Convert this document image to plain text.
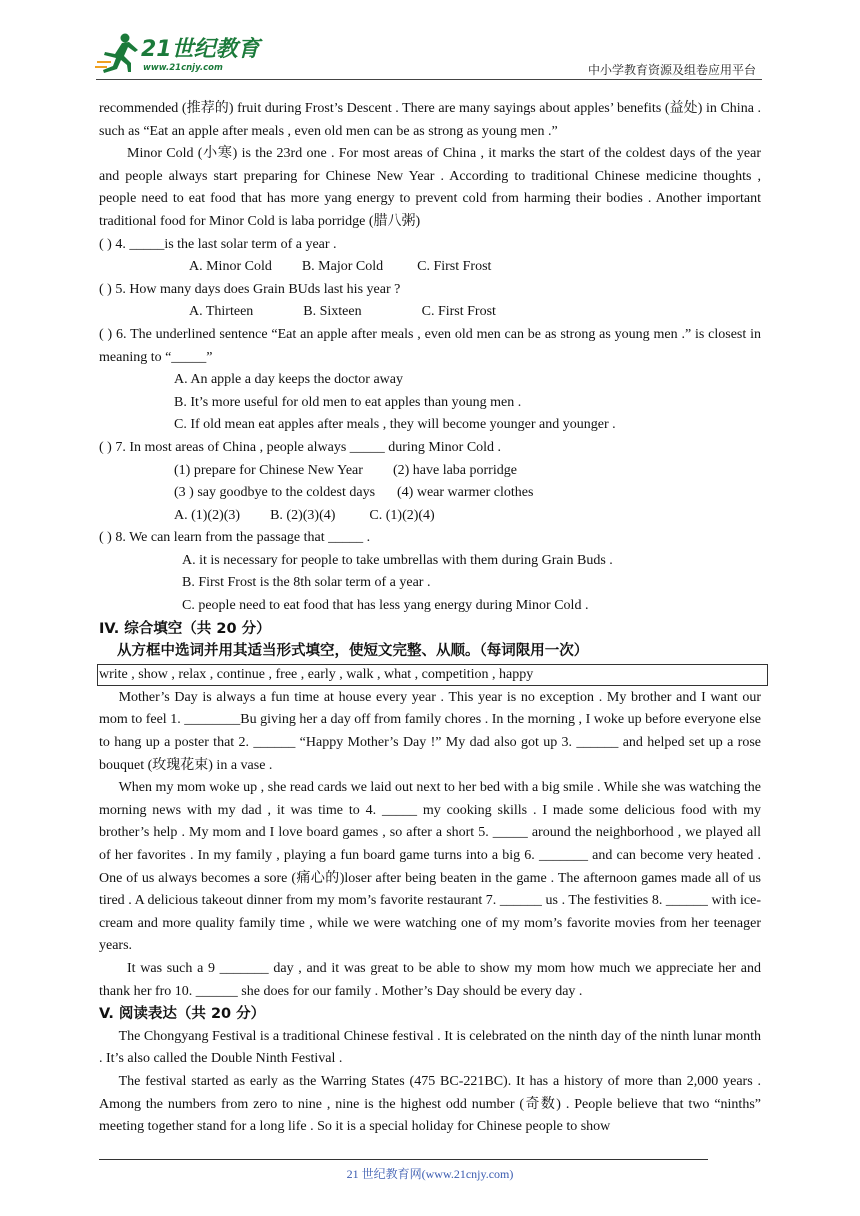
21世纪教育
www.21cnjy.com	中小学教育资源及组卷应用平台

recommended (推荐的) fruit during Frost’s Descent . There are many sayings about apples’ benefits (益处) in China . such as “Eat an apple after meals , even old men can be as strong as young men .”

Minor Cold (小寒) is the 23rd one . For most areas of China , it marks the start of the coldest days of the year and people always start preparing for Chinese New Year . According to traditional Chinese medicine thoughts , people need to eat food that has more yang energy to prevent cold from harming their bodies . Another important traditional food for Minor Cold is laba porridge (腊八粥)

( ) 4. _____is the last solar term of a year .

A. Minor Cold B. Major Cold C. First Frost

( ) 5. How many days does Grain BUds last his year ?

A. Thirteen	B. Sixteen	C. First Frost

( ) 6. The underlined sentence “Eat an apple after meals , even old men can be as strong as young men .” is closest in meaning to “_____”

A. An apple a day keeps the doctor away

B. It’s more useful for old men to eat apples than young men .

C. If old mean eat apples after meals , they will become younger and younger .

( ) 7. In most areas of China , people always _____ during Minor Cold .

(1) prepare for Chinese New Year (2) have laba porridge

(3 ) say goodbye to the coldest days (4) wear warmer clothes

A. (1)(2)(3) B. (2)(3)(4) C. (1)(2)(4)

( ) 8. We can learn from the passage that _____ .

A. it is necessary for people to take umbrellas with them during Grain Buds .

B. First Frost is the 8th solar term of a year .

C. people need to eat food that has less yang energy during Minor Cold .

IV. 综合填空（共 20 分）

从方框中选词并用其适当形式填空，使短文完整、从顺。（每词限用一次）

write , show , relax , continue , free , early , walk , what , competition , happy

Mother’s Day is always a fun time at house every year . This year is no exception . My brother and I want our mom to feel 1. ________Bu giving her a day off from family chores . In the morning , I woke up before everyone else to hang up a poster that 2. ______ “Happy Mother’s Day !” My dad also got up 3. ______ and helped set up a rose bouquet (玫瑰花束) in a vase .

When my mom woke up , she read cards we laid out next to her bed with a big smile . While she was watching the morning news with my dad , it was time to 4. _____ my cooking skills . I made some delicious food with my brother’s help . My mom and I love board games , so after a short 5. _____ around the neighborhood , we played all of her favorites . In my family , playing a fun board game turns into a big 6. _______ and can become very heated . One of us always becomes a sore (痛心的)loser after being beaten in the game . The afternoon games made all of us tired . A delicious takeout dinner from my mom’s favorite restaurant 7. ______ us . The festivities 8. ______ with ice-cream and more quality family time , while we were watching one of my mom’s favorite movies from her teenager years.

It was such a 9 _______ day , and it was great to be able to show my mom how much we appreciate her and thank her fro 10. ______ she does for our family . Mother’s Day should be every day .

V. 阅读表达（共 20 分）

The Chongyang Festival is a traditional Chinese festival . It is celebrated on the ninth day of the ninth lunar month . It’s also called the Double Ninth Festival .

The festival started as early as the Warring States (475 BC-221BC). It has a history of more than 2,000 years . Among the numbers from zero to nine , nine is the highest odd number (奇数) . People believe that two “ninths” meeting together stand for a long life . So it is a special holiday for Chinese people to show

21 世纪教育网(www.21cnjy.com)
